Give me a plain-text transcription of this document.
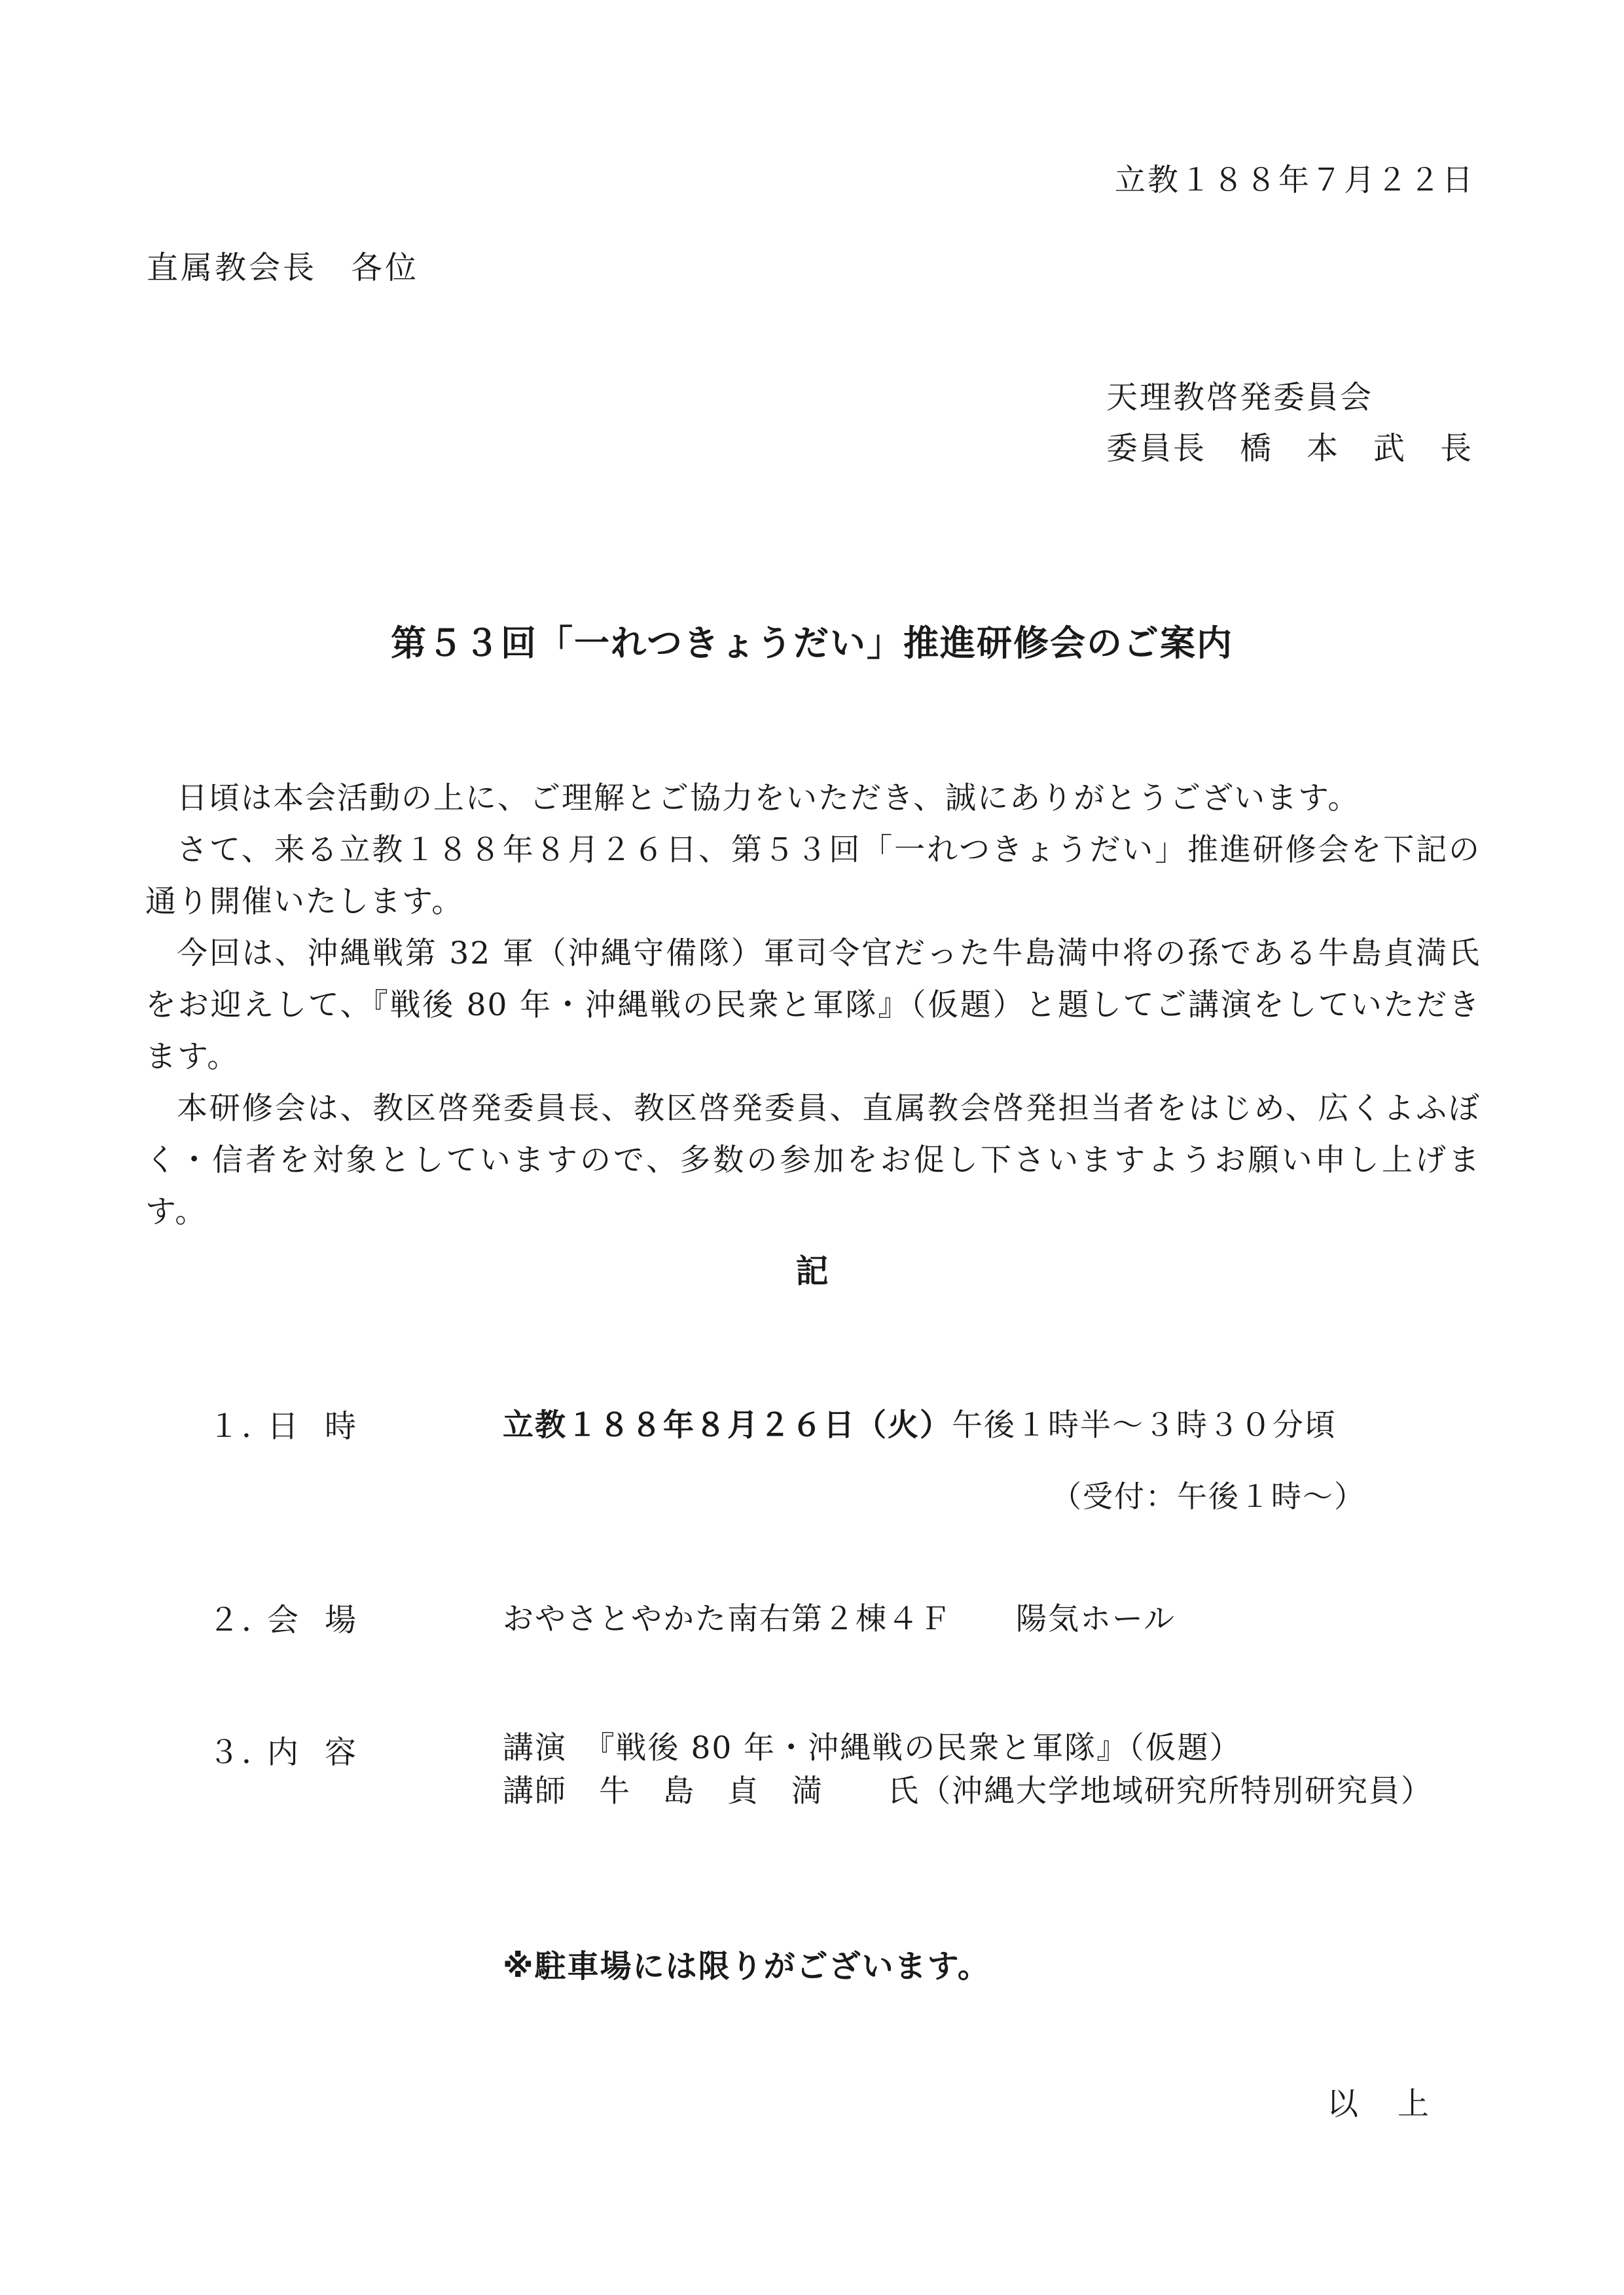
立教１８８年７月２２日
直属教会長　各位
天理教啓発委員会
委員長　橋　本　武　長
第５３回「一れつきょうだい」推進研修会のご案内

日頃は本会活動の上に、ご理解とご協力をいただき、誠にありがとうございます。

さて、来る立教１８８年８月２６日、第５３回「一れつきょうだい」推進研修会を下記の通り開催いたします。

今回は、沖縄戦第 32 軍（沖縄守備隊）軍司令官だった牛島満中将の孫である牛島貞満氏をお迎えして、『戦後 80 年・沖縄戦の民衆と軍隊』（仮題）と題してご講演をしていただきます。

本研修会は、教区啓発委員長、教区啓発委員、直属教会啓発担当者をはじめ、広くよふぼく・信者を対象としていますので、多数の参加をお促し下さいますようお願い申し上げます。

記
１．日時	立教１８８年８月２６日（火）午後１時半～３時３０分頃
（受付：午後１時～）
２．会場	おやさとやかた南右第２棟４Ｆ　　陽気ホール
３．内容	講演　『戦後 80 年・沖縄戦の民衆と軍隊』（仮題）
講師　牛　島　貞　満　　氏（沖縄大学地域研究所特別研究員）
※駐車場には限りがございます。
以上
